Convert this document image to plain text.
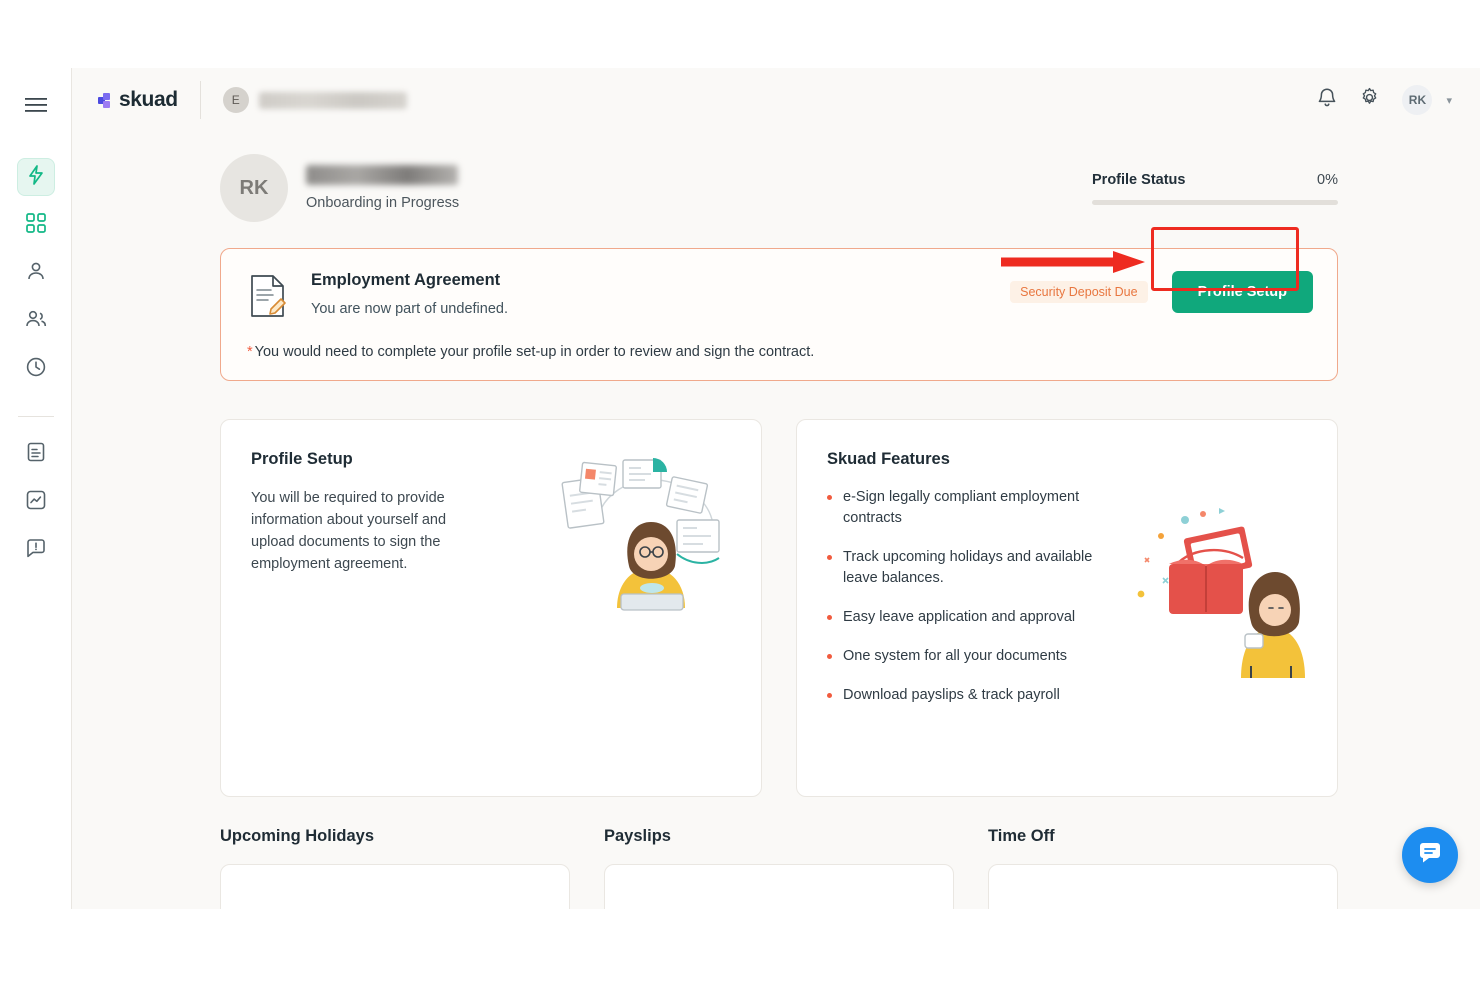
skuad	E	RK	▾
RK
Onboarding in Progress
Profile Status	0%
Employment Agreement
You are now part of undefined.
Security Deposit Due	Profile Setup
* You would need to complete your profile set-up in order to review and sign the contract.
Profile Setup
You will be required to provide information about yourself and upload documents to sign the employment agreement.
Skuad Features
e-Sign legally compliant employment contracts
Track upcoming holidays and available leave balances.
Easy leave application and approval
One system for all your documents
Download payslips & track payroll
Upcoming Holidays	Payslips	Time Off
